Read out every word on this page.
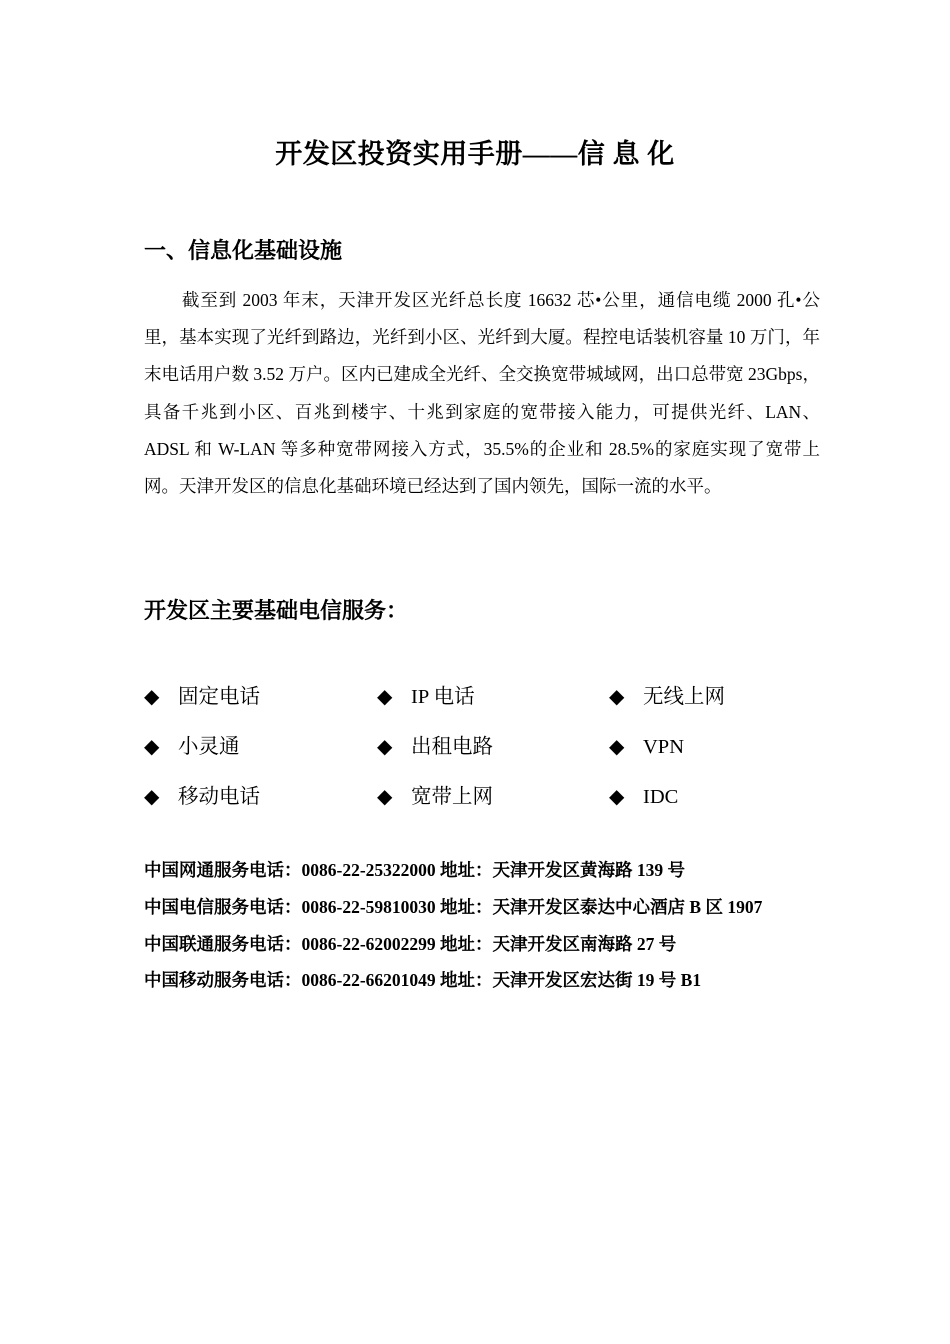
开发区投资实用手册——信 息 化
一、信息化基础设施
截至到 2003 年末，天津开发区光纤总长度 16632 芯•公里，通信电缆 2000 孔•公里，基本实现了光纤到路边，光纤到小区、光纤到大厦。程控电话装机容量 10 万门，年末电话用户数 3.52 万户。区内已建成全光纤、全交换宽带城域网，出口总带宽 23Gbps，具备千兆到小区、百兆到楼宇、十兆到家庭的宽带接入能力，可提供光纤、LAN、ADSL 和 W-LAN 等多种宽带网接入方式，35.5%的企业和 28.5%的家庭实现了宽带上网。天津开发区的信息化基础环境已经达到了国内领先，国际一流的水平。
开发区主要基础电信服务：
◆ 固定电话	◆ IP 电话	◆ 无线上网
◆ 小灵通	◆ 出租电路	◆ VPN
◆ 移动电话	◆ 宽带上网	◆ IDC
中国网通服务电话：0086-22-25322000 地址：天津开发区黄海路 139 号
中国电信服务电话：0086-22-59810030 地址：天津开发区泰达中心酒店 B 区 1907
中国联通服务电话：0086-22-62002299 地址：天津开发区南海路 27 号
中国移动服务电话：0086-22-66201049 地址：天津开发区宏达街 19 号 B1
